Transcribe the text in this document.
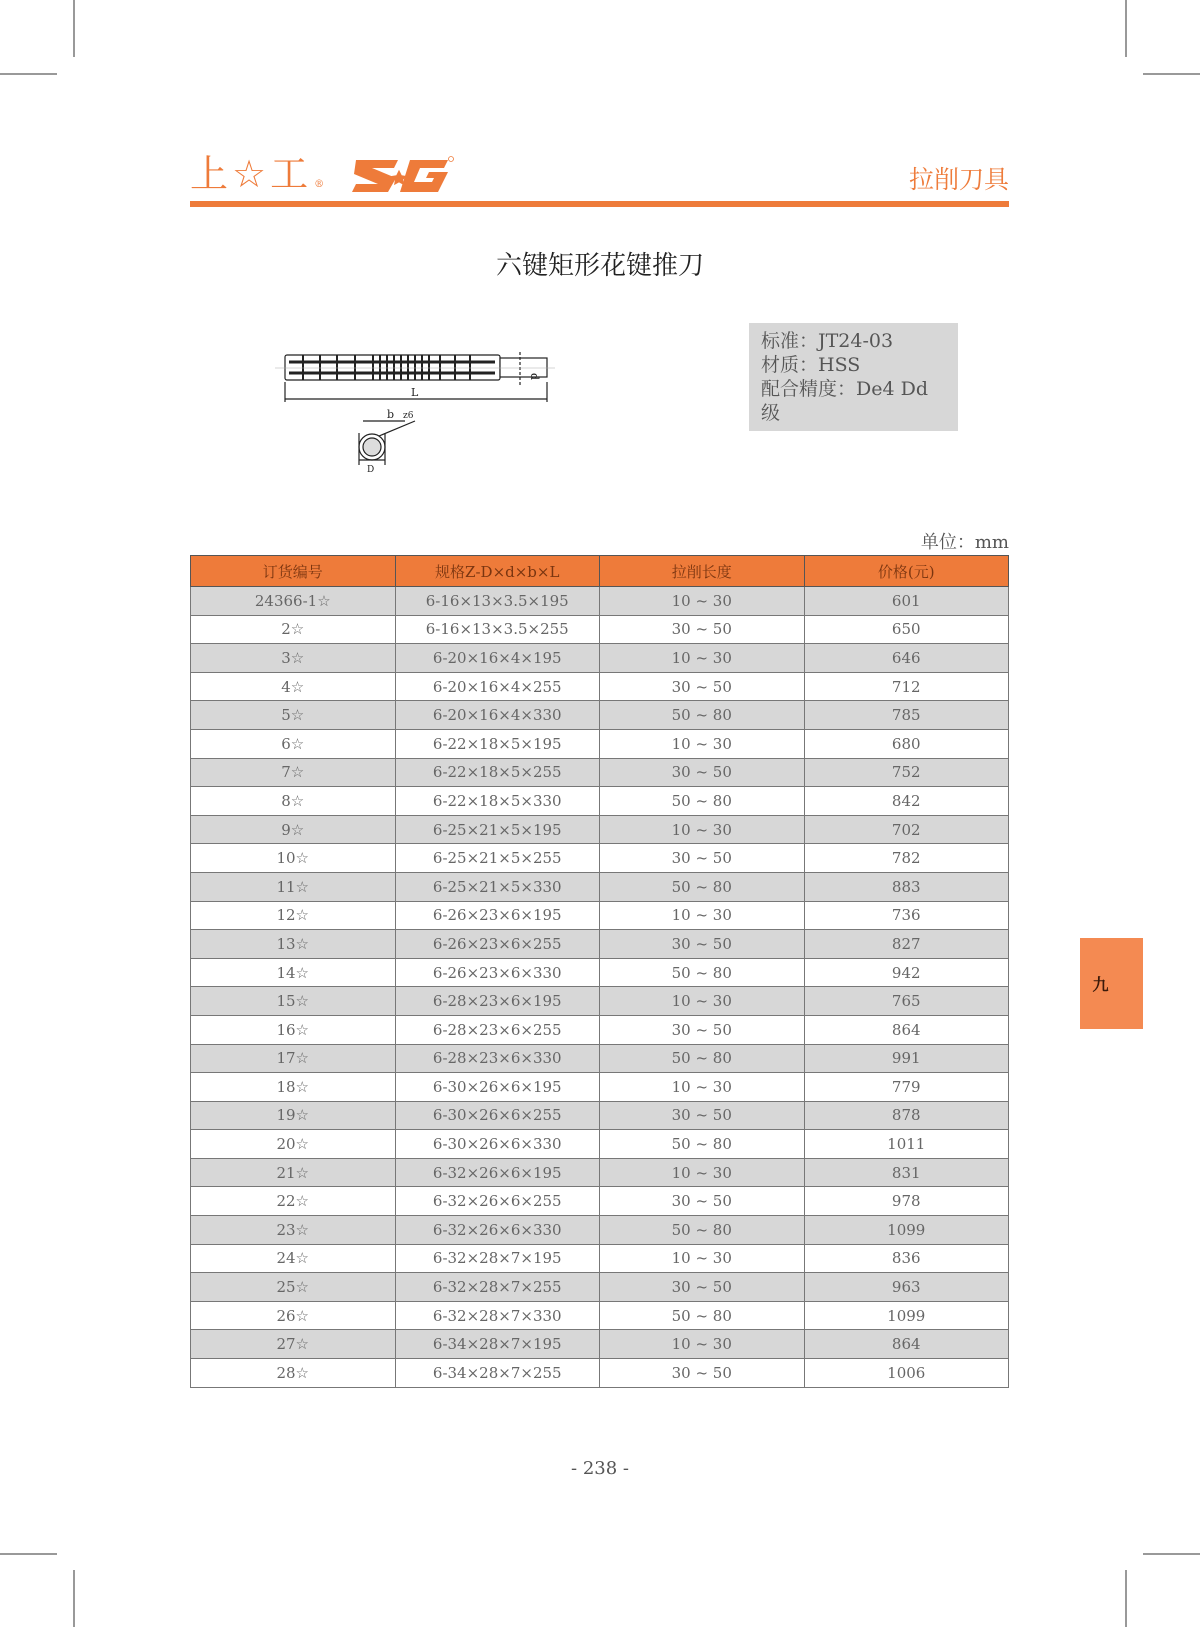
上☆工 ®	拉削刀具
六键矩形花键推刀
L
d
b z6
D
标准：JT24-03
材质：HSS
配合精度：De4 Dd级
单位：mm
订货编号	规格Z-D×d×b×L	拉削长度	价格(元)
24366-1☆	6-16×13×3.5×195	10 ~ 30	601
2☆	6-16×13×3.5×255	30 ~ 50	650
3☆	6-20×16×4×195	10 ~ 30	646
4☆	6-20×16×4×255	30 ~ 50	712
5☆	6-20×16×4×330	50 ~ 80	785
6☆	6-22×18×5×195	10 ~ 30	680
7☆	6-22×18×5×255	30 ~ 50	752
8☆	6-22×18×5×330	50 ~ 80	842
9☆	6-25×21×5×195	10 ~ 30	702
10☆	6-25×21×5×255	30 ~ 50	782
11☆	6-25×21×5×330	50 ~ 80	883
12☆	6-26×23×6×195	10 ~ 30	736
13☆	6-26×23×6×255	30 ~ 50	827
14☆	6-26×23×6×330	50 ~ 80	942
15☆	6-28×23×6×195	10 ~ 30	765
16☆	6-28×23×6×255	30 ~ 50	864
17☆	6-28×23×6×330	50 ~ 80	991
18☆	6-30×26×6×195	10 ~ 30	779
19☆	6-30×26×6×255	30 ~ 50	878
20☆	6-30×26×6×330	50 ~ 80	1011
21☆	6-32×26×6×195	10 ~ 30	831
22☆	6-32×26×6×255	30 ~ 50	978
23☆	6-32×26×6×330	50 ~ 80	1099
24☆	6-32×28×7×195	10 ~ 30	836
25☆	6-32×28×7×255	30 ~ 50	963
26☆	6-32×28×7×330	50 ~ 80	1099
27☆	6-34×28×7×195	10 ~ 30	864
28☆	6-34×28×7×255	30 ~ 50	1006
九
- 238 -
